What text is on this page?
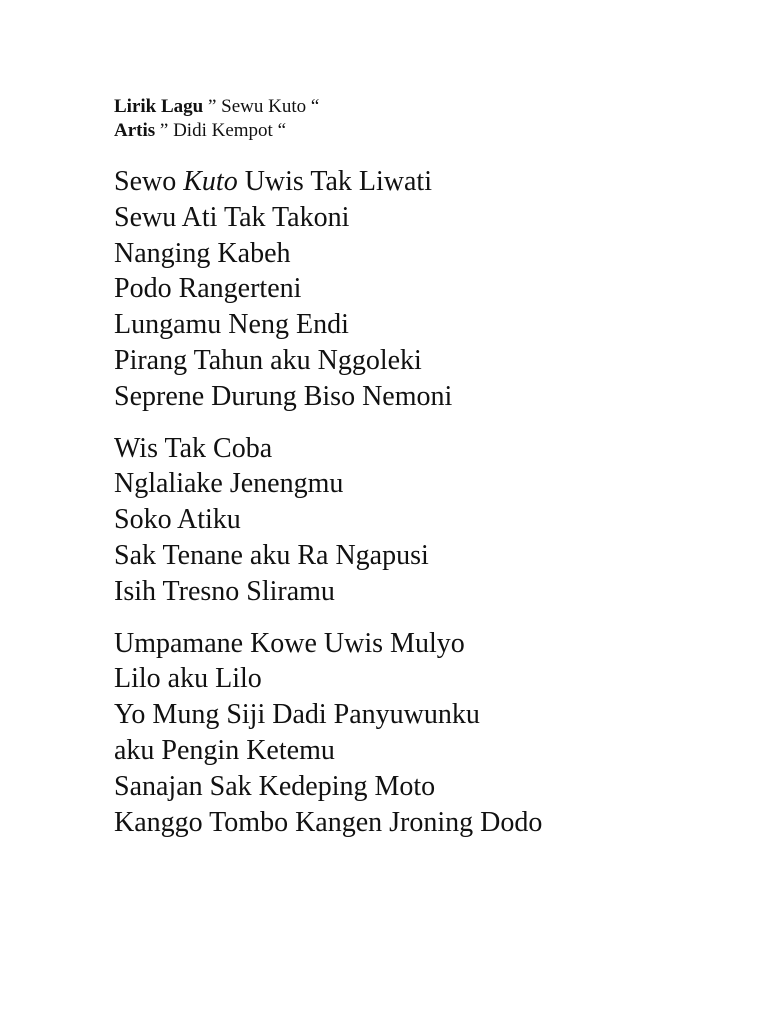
Lirik Lagu ” Sewu Kuto “
Artis ” Didi Kempot “
Sewo Kuto Uwis Tak Liwati
Sewu Ati Tak Takoni
Nanging Kabeh
Podo Rangerteni
Lungamu Neng Endi
Pirang Tahun aku Nggoleki
Seprene Durung Biso Nemoni
Wis Tak Coba
Nglaliake Jenengmu
Soko Atiku
Sak Tenane aku Ra Ngapusi
Isih Tresno Sliramu
Umpamane Kowe Uwis Mulyo
Lilo aku Lilo
Yo Mung Siji Dadi Panyuwunku
aku Pengin Ketemu
Sanajan Sak Kedeping Moto
Kanggo Tombo Kangen Jroning Dodo
